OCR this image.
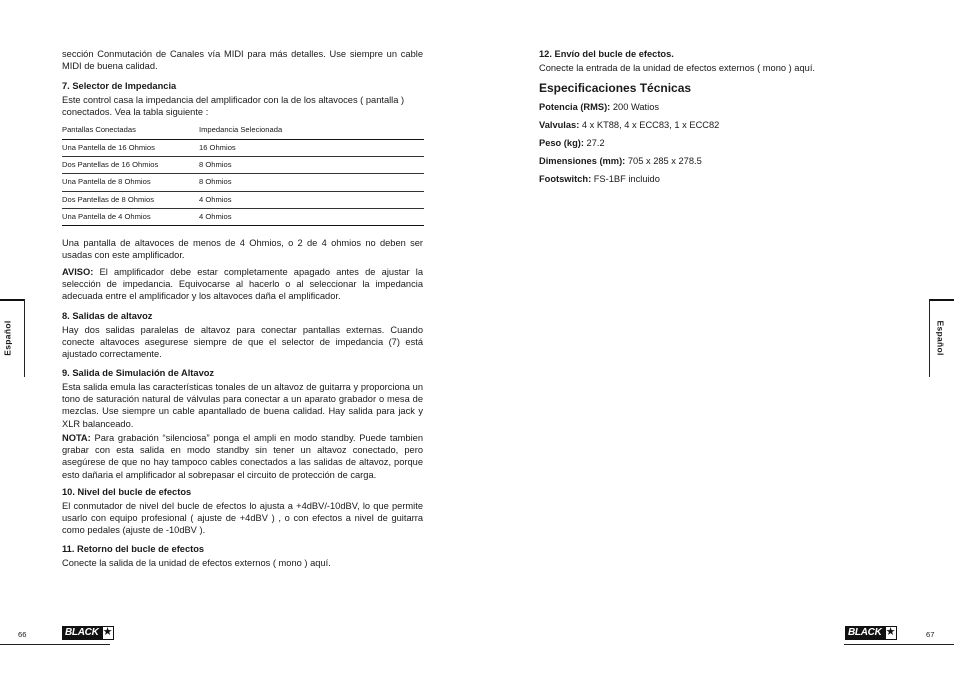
sección Conmutación de Canales vía MIDI para más detalles. Use siempre un cable MIDI de buena calidad.

7. Selector de Impedancia

Este control casa la impedancia del amplificador con la de los altavoces ( pantalla ) conectados. Vea la tabla siguiente :

Pantallas Conectadas	Impedancia Selecionada
Una Pantella de 16 Ohmios	16 Ohmios
Dos Pantellas de 16 Ohmios	8 Ohmios
Una Pantella de 8 Ohmios	8 Ohmios
Dos Pantellas de 8 Ohmios	4 Ohmios
Una Pantella de 4 Ohmios	4 Ohmios

Una pantalla de altavoces de menos de 4 Ohmios, o 2 de 4 ohmios no deben ser usadas con este amplificador.

AVISO: El amplificador debe estar completamente apagado antes de ajustar la selección de impedancia. Equivocarse al hacerlo o al seleccionar la impedancia adecuada entre el amplificador y los altavoces daña el amplificador.

8. Salidas de altavoz

Hay dos salidas paralelas de altavoz para conectar pantallas externas. Cuando conecte altavoces asegurese siempre de que el selector de impedancia (7) está ajustado correctamente.

9. Salida de Simulación de Altavoz

Esta salida emula las características tonales de un altavoz de guitarra y proporciona un tono de saturación natural de válvulas para conectar a un aparato grabador o mesa de mezclas. Use siempre un cable apantallado de buena calidad. Hay salida para jack y XLR balanceado.

NOTA: Para grabación “silenciosa” ponga el ampli en modo standby. Puede tambien grabar con esta salida en modo standby sin tener un altavoz conectado, pero asegúrese de que no hay tampoco cables conectados a las salidas de altavoz, porque esto dañaria el amplificador al sobrepasar el circuito de protección de carga.

10. Nivel del bucle de efectos

El conmutador de nivel del bucle de efectos lo ajusta a +4dBV/-10dBV, lo que permite usarlo con equipo profesional ( ajuste de +4dBV ) , o con efectos a nivel de guitarra como pedales (ajuste de -10dBV ).

11. Retorno del bucle de efectos

Conecte la salida de la unidad de efectos externos ( mono ) aquí.

Español
66	BLACK ★

12. Envío del bucle de efectos.

Conecte la entrada de la unidad de efectos externos ( mono ) aquí.

Especificaciones Técnicas

Potencia (RMS): 200 Watios

Valvulas: 4 x KT88, 4 x ECC83, 1 x ECC82

Peso (kg): 27.2

Dimensiones (mm): 705 x 285 x 278.5

Footswitch: FS-1BF incluido

Español
BLACK ★	67
